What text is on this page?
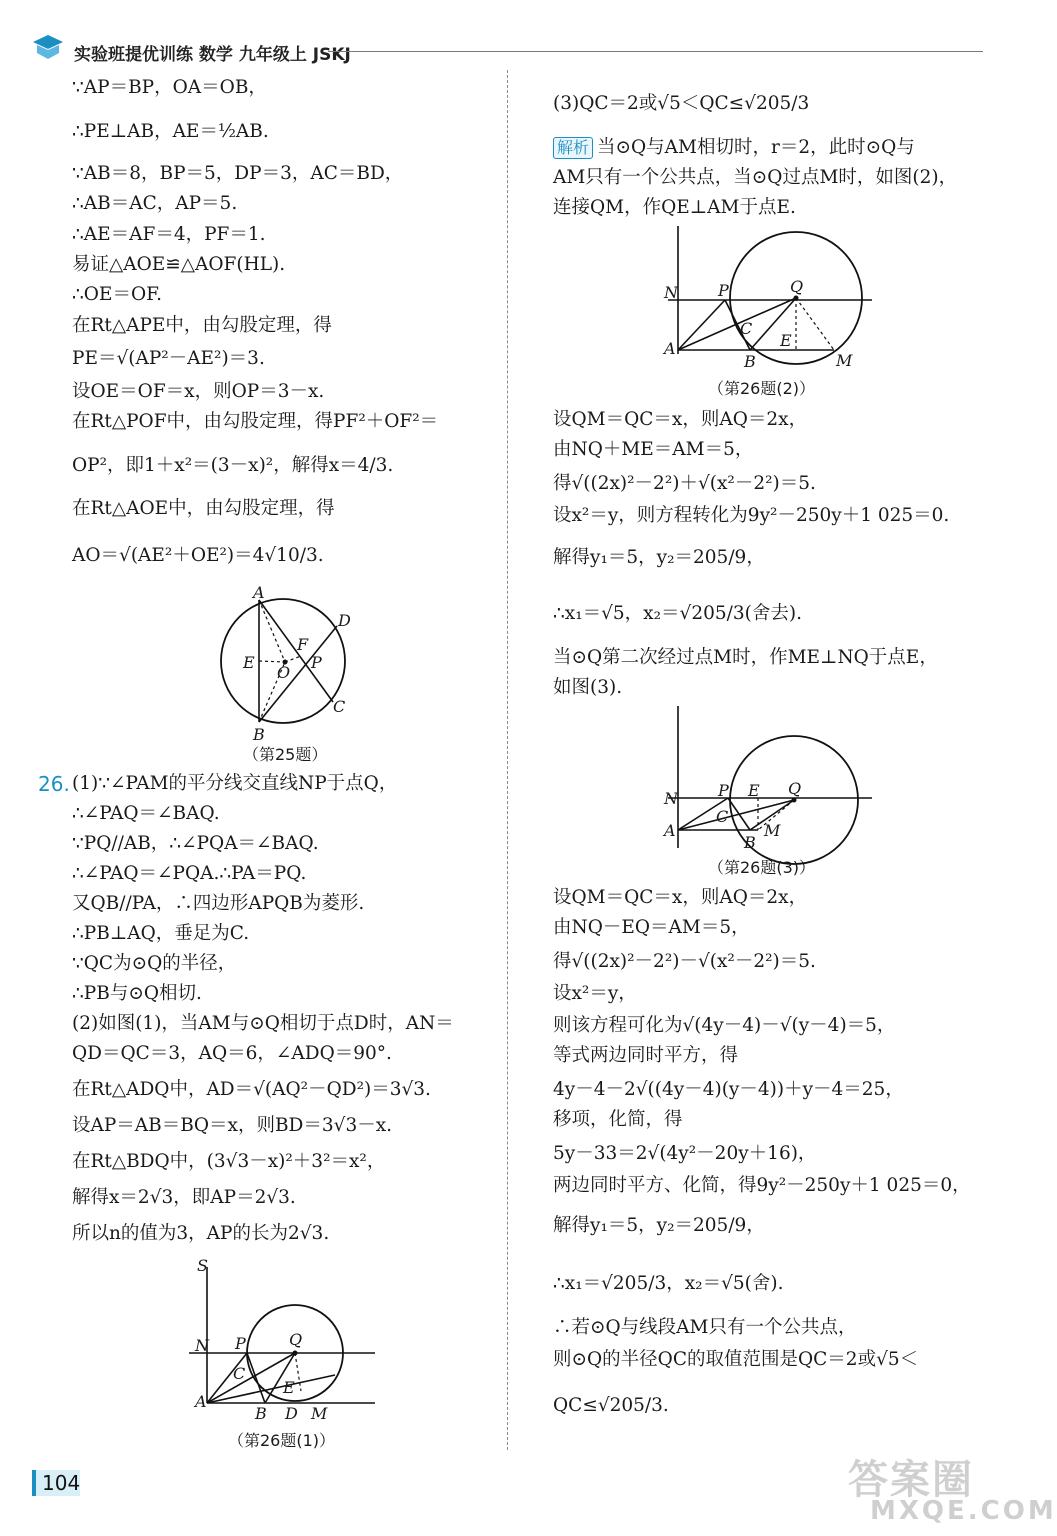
实验班提优训练 数学 九年级上 JSKJ
∵AP＝BP，OA＝OB，
∴PE⊥AB，AE＝½AB.
∵AB＝8，BP＝5，DP＝3，AC＝BD，
∴AB＝AC，AP＝5.
∴AE＝AF＝4，PF＝1.
易证△AOE≌△AOF(HL).
∴OE＝OF.
在Rt△APE中，由勾股定理，得
PE＝√(AP²－AE²)＝3.
设OE＝OF＝x，则OP＝3－x.
在Rt△POF中，由勾股定理，得PF²＋OF²＝
OP²，即1＋x²＝(3－x)²，解得x＝4/3.
在Rt△AOE中，由勾股定理，得
AO＝√(AE²＋OE²)＝4√10/3.
A
D
F
E
O
P
B
C
（第25题）
26. (1)∵∠PAM的平分线交直线NP于点Q，
∴∠PAQ＝∠BAQ.
∵PQ//AB，∴∠PQA＝∠BAQ.
∴∠PAQ＝∠PQA.∴PA＝PQ.
又QB//PA，∴四边形APQB为菱形.
∴PB⊥AQ，垂足为C.
∵QC为⊙Q的半径，
∴PB与⊙Q相切.
(2)如图(1)，当AM与⊙Q相切于点D时，AN＝
QD＝QC＝3，AQ＝6，∠ADQ＝90°.
在Rt△ADQ中，AD＝√(AQ²－QD²)＝3√3.
设AP＝AB＝BQ＝x，则BD＝3√3－x.
在Rt△BDQ中，(3√3－x)²＋3²＝x²，
解得x＝2√3，即AP＝2√3.
所以n的值为3，AP的长为2√3.
S
N P	Q
C
E
A
B D M
（第26题(1)）
(3)QC＝2或√5＜QC≤√205/3
解析 当⊙Q与AM相切时，r＝2，此时⊙Q与
AM只有一个公共点，当⊙Q过点M时，如图(2)，
连接QM，作QE⊥AM于点E.
N	P	Q
C
E
A
B	M
（第26题(2)）
设QM＝QC＝x，则AQ＝2x，
由NQ＋ME＝AM＝5，
得√((2x)²－2²)＋√(x²－2²)＝5.
设x²＝y，则方程转化为9y²－250y＋1 025＝0.
解得y₁＝5，y₂＝205/9，
∴x₁＝√5，x₂＝√205/3(舍去).
当⊙Q第二次经过点M时，作ME⊥NQ于点E，
如图(3).
N	P E Q
C
M
A
B
（第26题(3)）
设QM＝QC＝x，则AQ＝2x，
由NQ－EQ＝AM＝5，
得√((2x)²－2²)－√(x²－2²)＝5.
设x²＝y，
则该方程可化为√(4y－4)－√(y－4)＝5，
等式两边同时平方，得
4y－4－2√((4y－4)(y－4))＋y－4＝25，
移项，化简，得
5y－33＝2√(4y²－20y＋16)，
两边同时平方、化简，得9y²－250y＋1 025＝0，
解得y₁＝5，y₂＝205/9，
∴x₁＝√205/3，x₂＝√5(舍).
∴若⊙Q与线段AM只有一个公共点，
则⊙Q的半径QC的取值范围是QC＝2或√5＜
QC≤√205/3.
104	答案圈
MXQE.COM
